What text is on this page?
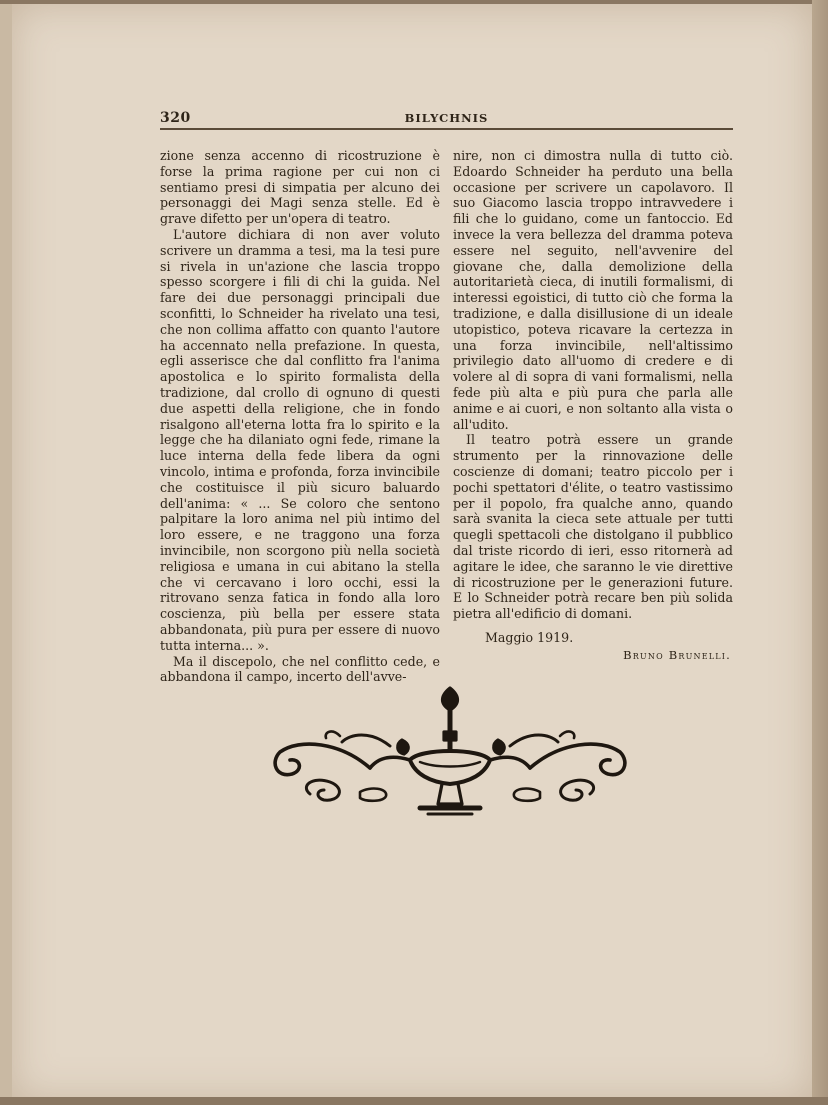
320	BILYCHNIS

zione senza accenno di ricostruzione è forse la prima ragione per cui non ci sentiamo presi di simpatia per alcuno dei personaggi dei Magi senza stelle. Ed è grave difetto per un'opera di teatro.

L'autore dichiara di non aver voluto scrivere un dramma a tesi, ma la tesi pure si rivela in un'azione che lascia troppo spesso scorgere i fili di chi la guida. Nel fare dei due personaggi principali due sconfitti, lo Schneider ha rivelato una tesi, che non collima affatto con quanto l'autore ha accennato nella prefazione. In questa, egli asserisce che dal conflitto fra l'anima apostolica e lo spirito formalista della tradizione, dal crollo di ognuno di questi due aspetti della religione, che in fondo risalgono all'eterna lotta fra lo spirito e la legge che ha dilaniato ogni fede, rimane la luce interna della fede libera da ogni vincolo, intima e profonda, forza invincibile che costituisce il più sicuro baluardo dell'anima: « ... Se coloro che sentono palpitare la loro anima nel più intimo del loro essere, e ne traggono una forza invincibile, non scorgono più nella società religiosa e umana in cui abitano la stella che vi cercavano i loro occhi, essi la ritrovano senza fatica in fondo alla loro coscienza, più bella per essere stata abbandonata, più pura per essere di nuovo tutta interna... ».

Ma il discepolo, che nel conflitto cede, e abbandona il campo, incerto dell'avve-

nire, non ci dimostra nulla di tutto ciò. Edoardo Schneider ha perduto una bella occasione per scrivere un capolavoro. Il suo Giacomo lascia troppo intravvedere i fili che lo guidano, come un fantoccio. Ed invece la vera bellezza del dramma poteva essere nel seguito, nell'avvenire del giovane che, dalla demolizione della autoritarietà cieca, di inutili formalismi, di interessi egoistici, di tutto ciò che forma la tradizione, e dalla disillusione di un ideale utopistico, poteva ricavare la certezza in una forza invincibile, nell'altissimo privilegio dato all'uomo di credere e di volere al di sopra di vani formalismi, nella fede più alta e più pura che parla alle anime e ai cuori, e non soltanto alla vista o all'udito.

Il teatro potrà essere un grande strumento per la rinnovazione delle coscienze di domani; teatro piccolo per i pochi spettatori d'élite, o teatro vastissimo per il popolo, fra qualche anno, quando sarà svanita la cieca sete attuale per tutti quegli spettacoli che distolgano il pubblico dal triste ricordo di ieri, esso ritornerà ad agitare le idee, che saranno le vie direttive di ricostruzione per le generazioni future. E lo Schneider potrà recare ben più solida pietra all'edificio di domani.

Maggio 1919.
Bruno Brunelli.
